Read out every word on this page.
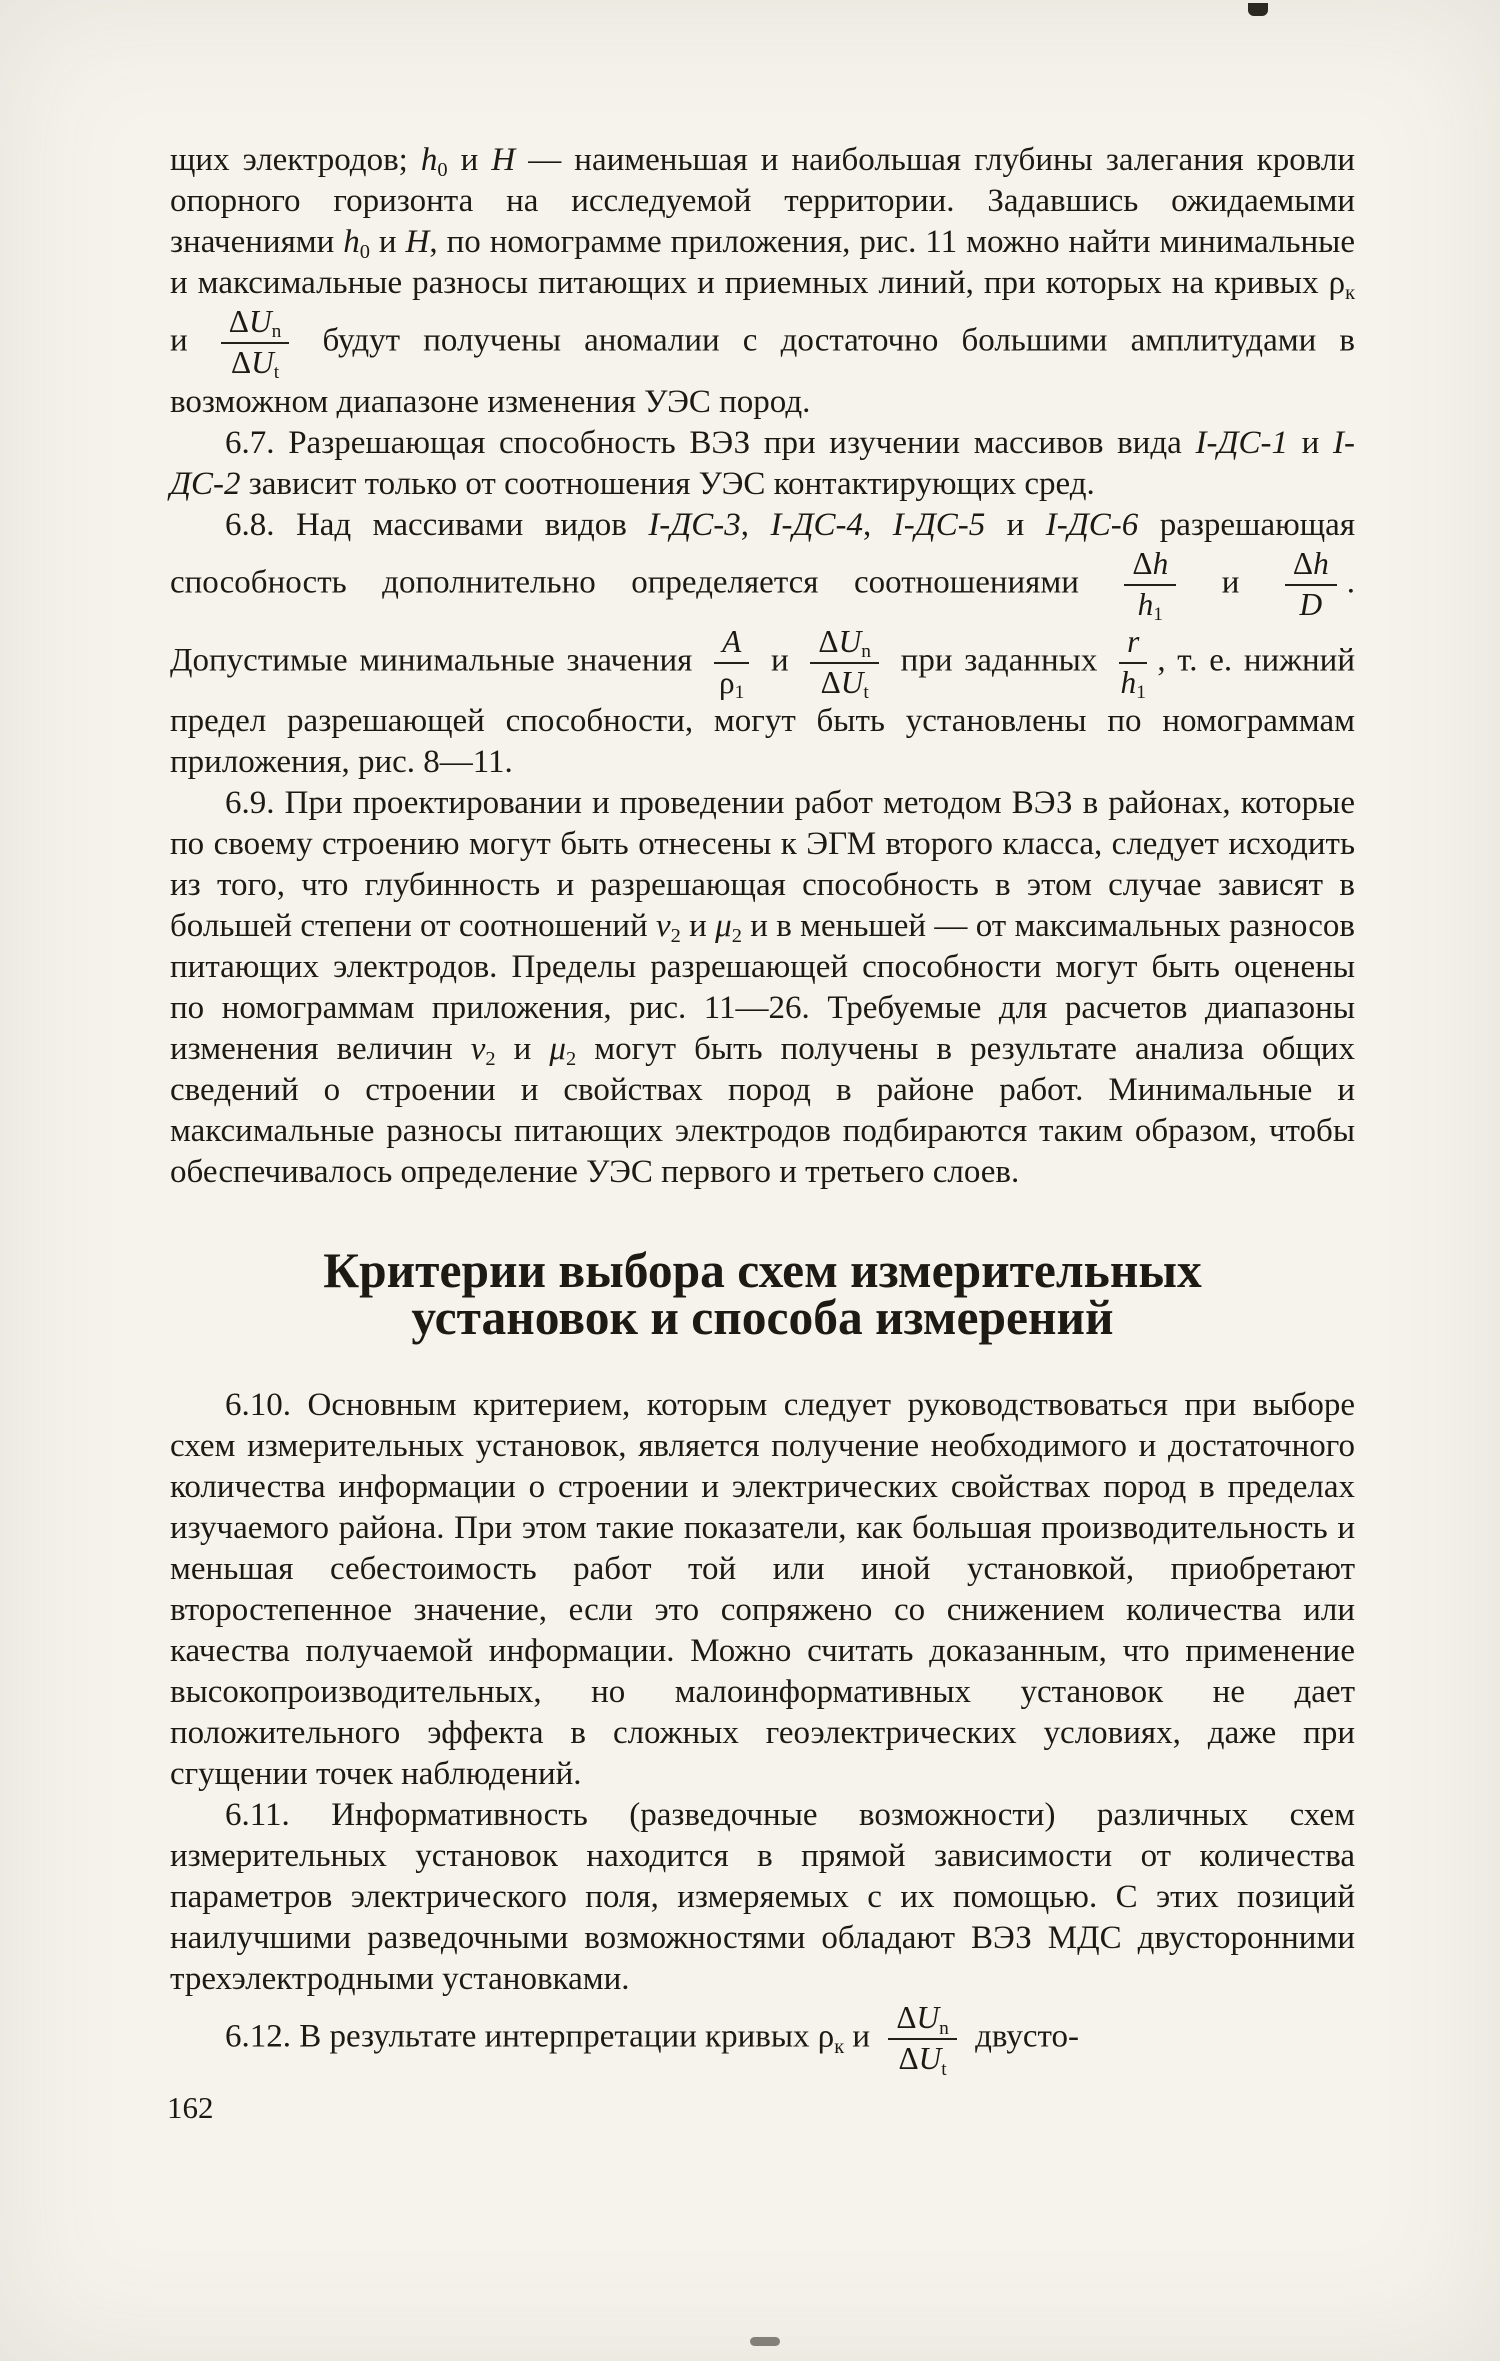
щих электродов; $h_0$ и H — наименьшая и наибольшая глубины залегания кровли опорного горизонта на исследуемой территории. Задавшись ожидаемыми значениями $h_0$ и H, по номограмме приложения, рис. 11 можно найти минимальные и максимальные разносы питающих и приемных линий, при которых на кривых $\rho_к$ и $\frac{\Delta U_n}{\Delta U_t}$ будут получены аномалии с достаточно большими амплитудами в возможном диапазоне изменения УЭС пород.

6.7. Разрешающая способность ВЭЗ при изучении массивов вида I-ДС-1 и I-ДС-2 зависит только от соотношения УЭС контактирующих сред.

6.8. Над массивами видов I-ДС-3, I-ДС-4, I-ДС-5 и I-ДС-6 разрешающая способность дополнительно определяется соотношениями $\frac{\Delta h}{h_1}$ и $\frac{\Delta h}{D}$ . Допустимые минимальные значения $\frac{A}{\rho_1}$ и $\frac{\Delta U_n}{\Delta U_t}$ при заданных $\frac{r}{h_1}$ , т. е. нижний предел разрешающей способности, могут быть установлены по номограммам приложения, рис. 8—11.

6.9. При проектировании и проведении работ методом ВЭЗ в районах, которые по своему строению могут быть отнесены к ЭГМ второго класса, следует исходить из того, что глубинность и разрешающая способность в этом случае зависят в большей степени от соотношений $\nu_2$ и $\mu_2$ и в меньшей — от максимальных разносов питающих электродов. Пределы разрешающей способности могут быть оценены по номограммам приложения, рис. 11—26. Требуемые для расчетов диапазоны изменения величин $\nu_2$ и $\mu_2$ могут быть получены в результате анализа общих сведений о строении и свойствах пород в районе работ. Минимальные и максимальные разносы питающих электродов подбираются таким образом, чтобы обеспечивалось определение УЭС первого и третьего слоев.

Критерии выбора схем измерительных
установок и способа измерений

6.10. Основным критерием, которым следует руководствоваться при выборе схем измерительных установок, является получение необходимого и достаточного количества информации о строении и электрических свойствах пород в пределах изучаемого района. При этом такие показатели, как большая производительность и меньшая себестоимость работ той или иной установкой, приобретают второстепенное значение, если это сопряжено со снижением количества или качества получаемой информации. Можно считать доказанным, что применение высокопроизводительных, но малоинформативных установок не дает положительного эффекта в сложных геоэлектрических условиях, даже при сгущении точек наблюдений.

6.11. Информативность (разведочные возможности) различных схем измерительных установок находится в прямой зависимости от количества параметров электрического поля, измеряемых с их помощью. С этих позиций наилучшими разведочными возможностями обладают ВЭЗ МДС двусторонними трехэлектродными установками.

6.12. В результате интерпретации кривых $\rho_к$ и $\frac{\Delta U_n}{\Delta U_t}$ двусто-

162
